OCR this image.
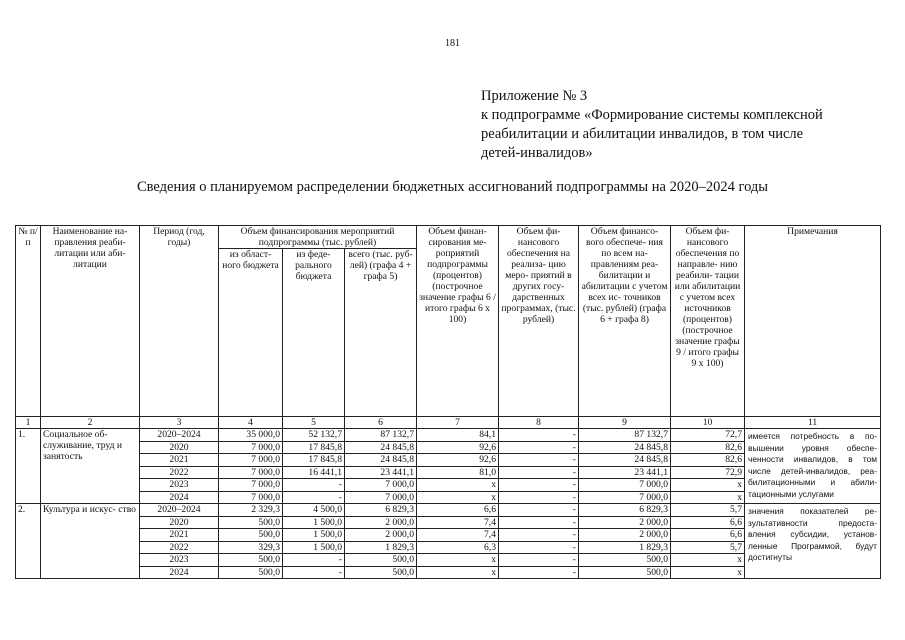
181
Приложение № 3
к подпрограмме «Формирование системы комплексной
реабилитации и абилитации инвалидов, в том числе
детей-инвалидов»
Сведения о планируемом распределении бюджетных ассигнований подпрограммы на 2020–2024 годы
№ п/п	Наименование на- правления реаби- литации или аби- литации	Период (год, годы)	Объем финансирования мероприятий подпрограммы (тыс. рублей)			Объем финан- сирования ме- роприятий подпрограммы (процентов) (построчное значение графы 6 / итого графы 6 x 100)	Объем фи- нансового обеспечения на реализа- цию меро- приятий в других госу- дарственных программах, (тыс. рублей)	Объем финансо- вого обеспече- ния по всем на- правлениям реа- билитации и абилитации с учетом всех ис- точников (тыс. рублей) (графа 6 + графа 8)	Объем фи- нансового обеспечения по направле- нию реабили- тации или абилитации с учетом всех источников (процентов) (построчное значение графы 9 / итого графы 9 x 100)	Примечания
			из област- ного бюджета	из феде- рального бюджета	всего (тыс. руб- лей) (графа 4 + графа 5)					
1	2	3	4	5	6	7	8	9	10	11
1.	Социальное об- служивание, труд и занятость	2020–2024	35 000,0	52 132,7	87 132,7	84,1	-	87 132,7	72,7	имеется потребность в по- вышении уровня обеспе- ченности инвалидов, в том числе детей-инвалидов, реа- билитационными и абили- тационными услугами
		2020	7 000,0	17 845,8	24 845,8	92,6	-	24 845,8	82,6	
		2021	7 000,0	17 845,8	24 845,8	92,6	-	24 845,8	82,6	
		2022	7 000,0	16 441,1	23 441,1	81,0	-	23 441,1	72,9	
		2023	7 000,0	-	7 000,0	x	-	7 000,0	x	
		2024	7 000,0	-	7 000,0	x	-	7 000,0	x	
2.	Культура и искус- ство	2020–2024	2 329,3	4 500,0	6 829,3	6,6	-	6 829,3	5,7	значения показателей ре- зультативности предоста- вления субсидии, установ- ленные Программой, будут достигнуты
		2020	500,0	1 500,0	2 000,0	7,4	-	2 000,0	6,6	
		2021	500,0	1 500,0	2 000,0	7,4	-	2 000,0	6,6	
		2022	329,3	1 500,0	1 829,3	6,3	-	1 829,3	5,7	
		2023	500,0	-	500,0	x	-	500,0	x	
		2024	500,0	-	500,0	x	-	500,0	x	
